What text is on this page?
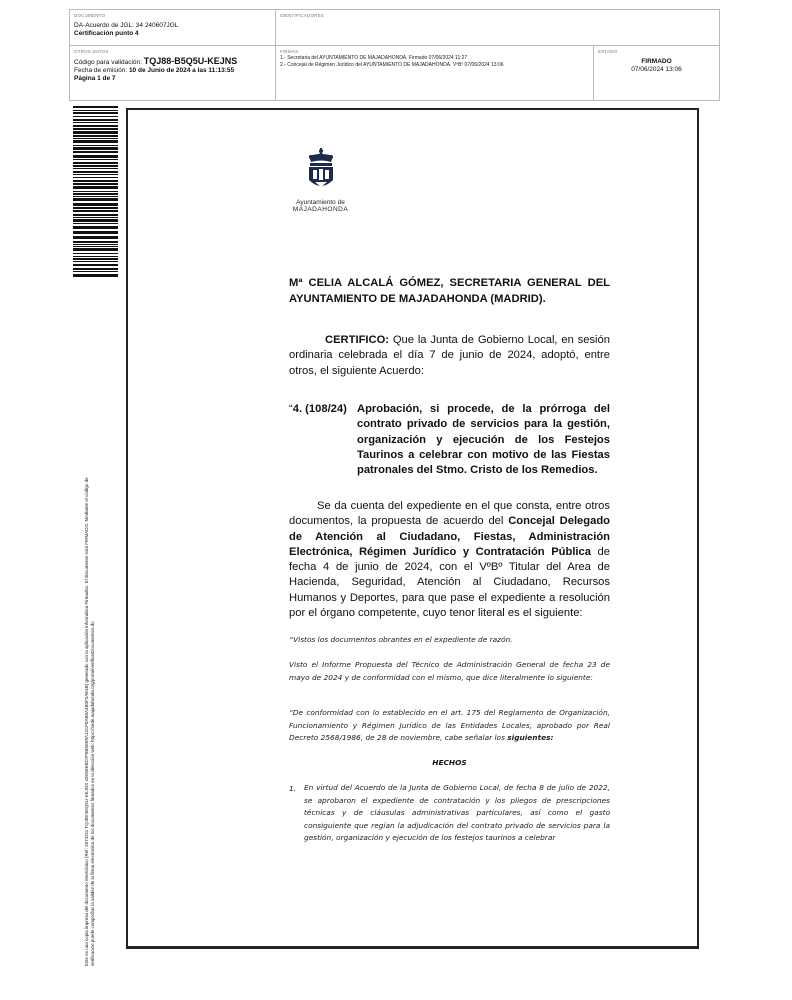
DOCUMENTO
DA-Acuerdo de JGL: 34 240607JGL
Certificación punto 4
IDENTIFICADORES
OTROS DATOS
Código para validación: TQJ88-B5Q5U-KEJNS
Fecha de emisión: 10 de Junio de 2024 a las 11:13:55
Página 1 de 7
FIRMAS
1.- Secretaria del AYUNTAMIENTO DE MAJADAHONDA. Firmado 07/06/2024 11:27
2.- Concejal de Régimen Jurídico del AYUNTAMIENTO DE MAJADAHONDA. VºBº 07/06/2024 13:06
ESTADO
FIRMADO
07/06/2024 13:06
Este es una copia impresa del documento electrónico (Ref: 2673311 TQJ88-B5Q5U-KEJNS 4269EEBD7F8B5E89A12CF8AB8A4B0F2AE4B) generado con la aplicación informática Firmadoc. El documento está FIRMADO. Mediante el código de verificación puede comprobar la validez de la firma electrónica de los documentos firmados en la dirección web: https://sede.majadahonda.org/portal/verificarDocumentos.do
Ayuntamiento de
MAJADAHONDA
Mª CELIA ALCALÁ GÓMEZ, SECRETARIA GENERAL DEL AYUNTAMIENTO DE MAJADAHONDA (MADRID).
CERTIFICO: Que la Junta de Gobierno Local, en sesión ordinaria celebrada el día 7 de junio de 2024, adoptó, entre otros, el siguiente Acuerdo:
“4. (108/24) Aprobación, si procede, de la prórroga del contrato privado de servicios para la gestión, organización y ejecución de los Festejos Taurinos a celebrar con motivo de las Fiestas patronales del Stmo. Cristo de los Remedios.
Se da cuenta del expediente en el que consta, entre otros documentos, la propuesta de acuerdo del Concejal Delegado de Atención al Ciudadano, Fiestas, Administración Electrónica, Régimen Jurídico y Contratación Pública de fecha 4 de junio de 2024, con el VºBº Titular del Area de Hacienda, Seguridad, Atención al Ciudadano, Recursos Humanos y Deportes, para que pase el expediente a resolución por el órgano competente, cuyo tenor literal es el siguiente:
“Vistos los documentos obrantes en el expediente de razón.
Visto el Informe Propuesta del Técnico de Administración General de fecha 23 de mayo de 2024 y de conformidad con el mismo, que dice literalmente lo siguiente:
“De conformidad con lo establecido en el art. 175 del Reglamento de Organización, Funcionamiento y Régimen Jurídico de las Entidades Locales, aprobado por Real Decreto 2568/1986, de 28 de noviembre, cabe señalar los siguientes:
HECHOS
1. En virtud del Acuerdo de la Junta de Gobierno Local, de fecha 8 de julio de 2022, se aprobaron el expediente de contratación y los pliegos de prescripciones técnicas y de cláusulas administrativas particulares, así como el gasto consiguiente que regían la adjudicación del contrato privado de servicios para la gestión, organización y ejecución de los festejos taurinos a celebrar
